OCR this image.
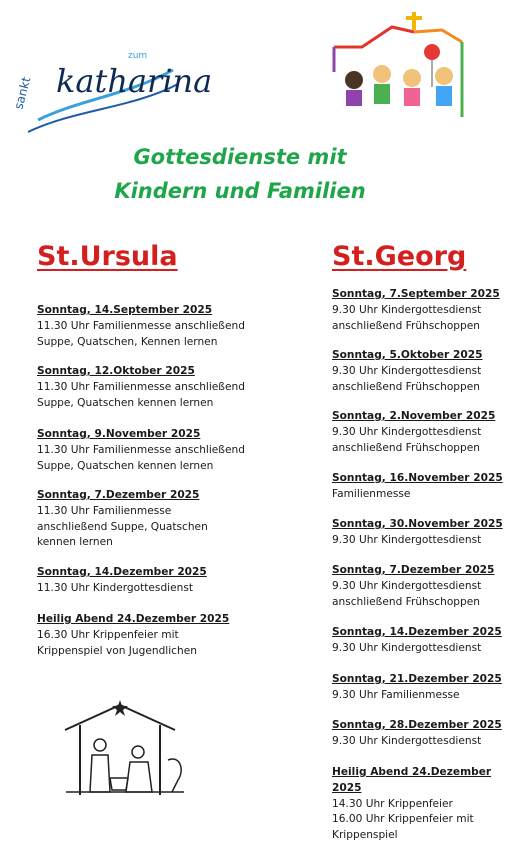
sankt katharina
zum
Gottesdienste mit
Kindern und Familien
St.Ursula
Sonntag, 14.September 2025
11.30 Uhr Familienmesse anschließend
Suppe, Quatschen, Kennen lernen
Sonntag, 12.Oktober 2025
11.30 Uhr Familienmesse anschließend
Suppe, Quatschen kennen lernen
Sonntag, 9.November 2025
11.30 Uhr Familienmesse anschließend
Suppe, Quatschen kennen lernen
Sonntag, 7.Dezember 2025
11.30 Uhr Familienmesse
anschließend Suppe, Quatschen
kennen lernen
Sonntag, 14.Dezember 2025
11.30 Uhr Kindergottesdienst
Heilig Abend 24.Dezember 2025
16.30 Uhr Krippenfeier mit
Krippenspiel von Jugendlichen
St.Georg
Sonntag, 7.September 2025
9.30 Uhr Kindergottesdienst
anschließend Frühschoppen
Sonntag, 5.Oktober 2025
9.30 Uhr Kindergottesdienst
anschließend Frühschoppen
Sonntag, 2.November 2025
9.30 Uhr Kindergottesdienst
anschließend Frühschoppen
Sonntag, 16.November 2025
Familienmesse
Sonntag, 30.November 2025
9.30 Uhr Kindergottesdienst
Sonntag, 7.Dezember 2025
9.30 Uhr Kindergottesdienst
anschließend Frühschoppen
Sonntag, 14.Dezember 2025
9.30 Uhr Kindergottesdienst
Sonntag, 21.Dezember 2025
9.30 Uhr Familienmesse
Sonntag, 28.Dezember 2025
9.30 Uhr Kindergottesdienst
Heilig Abend 24.Dezember 2025
14.30 Uhr Krippenfeier
16.00 Uhr Krippenfeier mit
Krippenspiel
